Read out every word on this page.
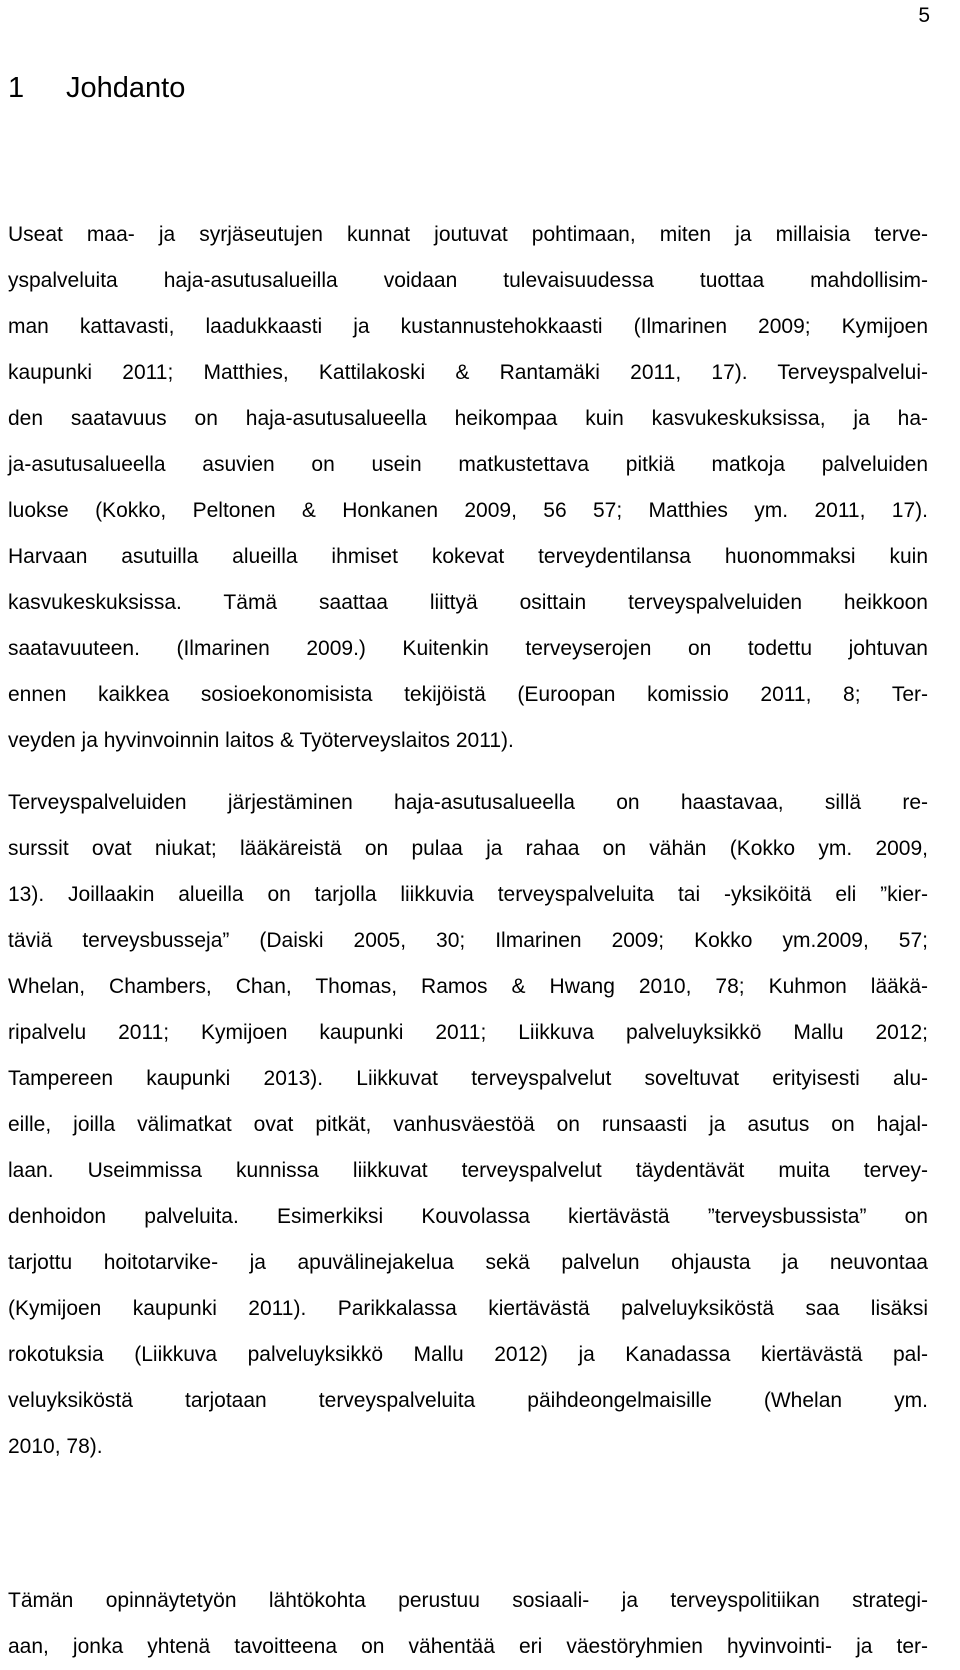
5
1 Johdanto
Useat maa- ja syrjäseutujen kunnat joutuvat pohtimaan, miten ja millaisia terve-
yspalveluita haja-asutusalueilla voidaan tulevaisuudessa tuottaa mahdollisim-
man kattavasti, laadukkaasti ja kustannustehokkaasti (Ilmarinen 2009; Kymijoen
kaupunki 2011; Matthies, Kattilakoski & Rantamäki 2011, 17). Terveyspalvelui-
den saatavuus on haja-asutusalueella heikompaa kuin kasvukeskuksissa, ja ha-
ja-asutusalueella asuvien on usein matkustettava pitkiä matkoja palveluiden
luokse (Kokko, Peltonen & Honkanen 2009, 56 57; Matthies ym. 2011, 17).
Harvaan asutuilla alueilla ihmiset kokevat terveydentilansa huonommaksi kuin
kasvukeskuksissa. Tämä saattaa liittyä osittain terveyspalveluiden heikkoon
saatavuuteen. (Ilmarinen 2009.) Kuitenkin terveyserojen on todettu johtuvan
ennen kaikkea sosioekonomisista tekijöistä (Euroopan komissio 2011, 8; Ter-
veyden ja hyvinvoinnin laitos & Työterveyslaitos 2011).
Terveyspalveluiden järjestäminen haja-asutusalueella on haastavaa, sillä re-
surssit ovat niukat; lääkäreistä on pulaa ja rahaa on vähän (Kokko ym. 2009,
13). Joillaakin alueilla on tarjolla liikkuvia terveyspalveluita tai -yksiköitä eli ”kier-
täviä terveysbusseja” (Daiski 2005, 30; Ilmarinen 2009; Kokko ym.2009, 57;
Whelan, Chambers, Chan, Thomas, Ramos & Hwang 2010, 78; Kuhmon lääkä-
ripalvelu 2011; Kymijoen kaupunki 2011; Liikkuva palveluyksikkö Mallu 2012;
Tampereen kaupunki 2013). Liikkuvat terveyspalvelut soveltuvat erityisesti alu-
eille, joilla välimatkat ovat pitkät, vanhusväestöä on runsaasti ja asutus on hajal-
laan. Useimmissa kunnissa liikkuvat terveyspalvelut täydentävät muita tervey-
denhoidon palveluita. Esimerkiksi Kouvolassa kiertävästä ”terveysbussista” on
tarjottu hoitotarvike- ja apuvälinejakelua sekä palvelun ohjausta ja neuvontaa
(Kymijoen kaupunki 2011). Parikkalassa kiertävästä palveluyksiköstä saa lisäksi
rokotuksia (Liikkuva palveluyksikkö Mallu 2012) ja Kanadassa kiertävästä pal-
veluyksiköstä tarjotaan terveyspalveluita päihdeongelmaisille (Whelan ym.
2010, 78).
Tämän opinnäytetyön lähtökohta perustuu sosiaali- ja terveyspolitiikan strategi-
aan, jonka yhtenä tavoitteena on vähentää eri väestöryhmien hyvinvointi- ja ter-
